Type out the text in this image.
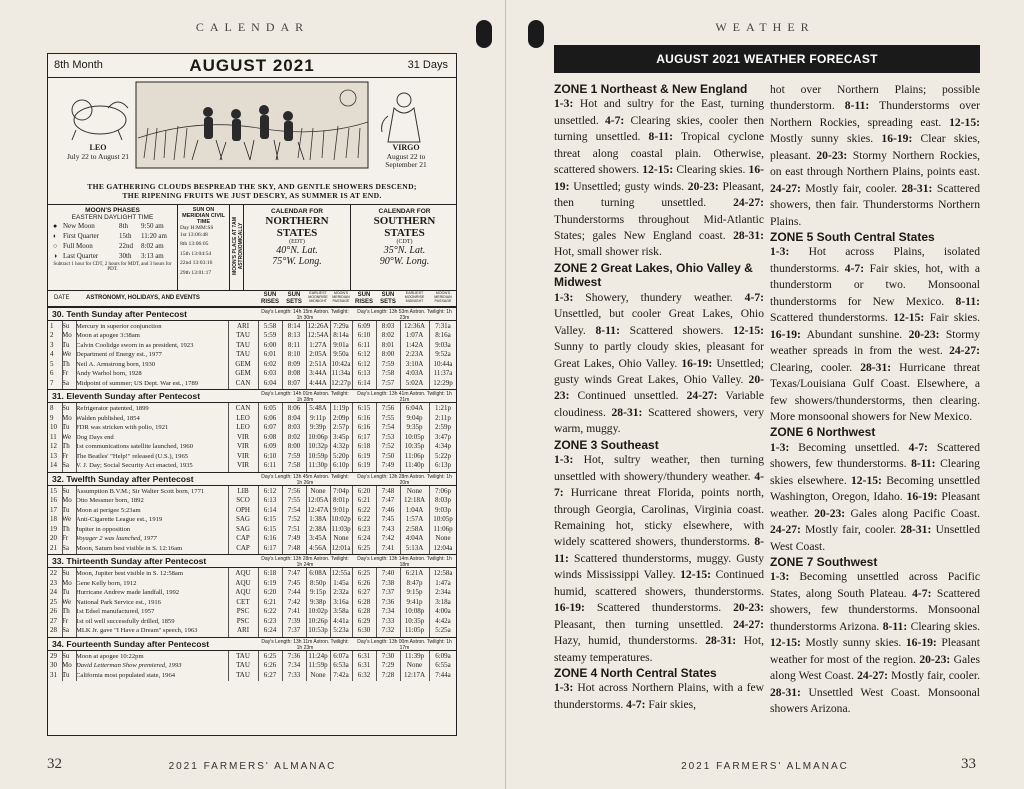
CALENDAR
8th Month	AUGUST 2021	31 Days
LEO
July 22 to August 21
VIRGO
August 22 to September 21
THE GATHERING CLOUDS BESPREAD THE SKY, AND GENTLE SHOWERS DESCEND;
THE RIPENING FRUITS WE JUST DESCRY, AS SUMMER IS AT END.
MOON'S PHASES
EASTERN DAYLIGHT TIME
● New Moon	8th 9:50 am
◐ First Quarter	15th 11:20 am
○ Full Moon	22nd 8:02 am
◑ Last Quarter	30th 3:13 am
Subtract 1 hour for CDT, 2 hours for MDT, and 3 hours for PDT.
SUN ON MERIDIAN CIVIL TIME
Day H:MM:SS
1st 13:06:48
8th 13:06:05
15th 13:04:54
22nd 13:03:16
29th 13:01:17	MOON'S PLACE AT 7AM ASTRONOMICALLY
CALENDAR FOR
NORTHERN
STATES
(EDT)
40°N. Lat.
75°W. Long.
CALENDAR FOR
SOUTHERN
STATES
(CDT)
35°N. Lat.
90°W. Long.
DATE	ASTRONOMY, HOLIDAYS, AND EVENTS	SUN RISES
SUN SETS
EARLIEST MOONRISE MIDNIGHT
MOON'S MERIDIAN PASSAGE
SUN RISES
SUN SETS
EARLIEST MOONRISE MIDNIGHT
MOON'S MERIDIAN PASSAGE
30. Tenth Sunday after Pentecost	Day's Length: 14h 15m Astron. Twilight: 1h 30m
Day's Length: 13h 53m Astron. Twilight: 1h 23m
1	Su Mercury in superior conjunction	ARI	5:58	8:14	12:26A 7:29a	6:09	8:03	12:36A	7:31a
2	Mo Moon at apogee 3:38am	TAU	5:59	8:13	12:54A 8:14a	6:10	8:02	1:07A	8:16a
3	Tu Calvin Coolidge sworn in as president, 1923	TAU	6:00	8:11	1:27A 9:01a	6:11	8:01	1:42A	9:03a
4	We Department of Energy est., 1977	TAU	6:01	8:10	2:05A 9:50a	6:12	8:00	2:23A	9:52a
5	Th Neil A. Armstrong born, 1930	GEM	6:02	8:09	2:51A 10:42a	6:12	7:59	3:10A	10:44a
6	Fr	Andy Warhol born, 1928	GEM	6:03	8:08	3:44A 11:34a	6:13	7:58	4:03A	11:37a
7	Sa	Midpoint of summer; US Dept. War est., 1789	CAN	6:04	8:07	4:44A 12:27p	6:14	7:57	5:02A	12:29p
31. Eleventh Sunday after Pentecost	Day's Length: 14h 01m Astron. Twilight: 1h 28m
Day's Length: 13h 41m Astron. Twilight: 1h 21m
8	Su Refrigerator patented, 1899	CAN	6:05	8:06	5:48A 1:19p	6:15	7:56	6:04A	1:21p
9	Mo Walden published, 1854	LEO	6:06	8:04	9:11p	2:09p	6:16	7:55	9:04p	2:11p
10 Tu FDR was stricken with polio, 1921	LEO	6:07	8:03	9:39p	2:57p	6:16	7:54	9:35p	2:59p
11 We Dog Days end	VIR	6:08	8:02	10:06p 3:45p	6:17	7:53	10:05p	3:47p
12 Th 1st communications satellite launched, 1960	VIR	6:09	8:00	10:32p 4:32p	6:18	7:52	10:35p	4:34p
13 Fr	The Beatles' "Help!" released (U.S.), 1965	VIR	6:10	7:59	10:59p 5:20p	6:19	7:50	11:06p	5:22p
14 Sa	V. J. Day; Social Security Act enacted, 1935	VIR	6:11	7:58	11:30p 6:10p	6:19	7:49	11:40p	6:13p
32. Twelfth Sunday after Pentecost	Day's Length: 13h 45m Astron. Twilight: 1h 26m
Day's Length: 13h 28m Astron. Twilight: 1h 20m
15 Su Assumption B.V.M.; Sir Walter Scott born, 1771	LIB	6:12	7:56	None	7:04p	6:20	7:48	None	7:06p
16 Mo Otto Messmer born, 1892	SCO	6:13	7:55	12:05A 8:01p	6:21	7:47	12:18A	8:03p
17 Tu Moon at perigee 5:23am	OPH	6:14	7:54	12:47A 9:01p	6:22	7:46	1:04A	9:03p
18 We Anti-Cigarette League est., 1919	SAG	6:15	7:52	1:38A 10:02p	6:22	7:45	1:57A	10:05p
19 Th Jupiter in opposition	SAG	6:15	7:51	2:38A 11:03p	6:23	7:43	2:58A	11:06p
20 Fr	Voyager 2 was launched, 1977	CAP	6:16	7:49	3:45A None	6:24	7:42	4:04A	None
21 Sa	Moon, Saturn best visible in S. 12:16am	CAP	6:17	7:48	4:56A 12:01a	6:25	7:41	5:13A	12:04a
33. Thirteenth Sunday after Pentecost	Day's Length: 13h 28m Astron. Twilight: 1h 24m
Day's Length: 13h 14m Astron. Twilight: 1h 18m
22 Su Moon, Jupiter best visible in S. 12:58am	AQU	6:18	7:47	6:08A 12:55a	6:25	7:40	6:21A	12:58a
23 Mo Gene Kelly born, 1912	AQU	6:19	7:45	8:50p	1:45a	6:26	7:38	8:47p	1:47a
24 Tu Hurricane Andrew made landfall, 1992	AQU	6:20	7:44	9:15p	2:32a	6:27	7:37	9:15p	2:34a
25 We National Park Service est., 1916	CET	6:21	7:42	9:38p	3:16a	6:28	7:36	9:41p	3:18a
26 Th 1st Edsel manufactured, 1957	PSC	6:22	7:41	10:02p 3:58a	6:28	7:34	10:08p	4:00a
27 Fr	1st oil well successfully drilled, 1859	PSC	6:23	7:39	10:26p 4:41a	6:29	7:33	10:35p	4:42a
28 Sa	MLK Jr. gave "I Have a Dream" speech, 1963	ARI	6:24	7:37	10:53p 5:23a	6:30	7:32	11:05p	5:25a
34. Fourteenth Sunday after Pentecost	Day's Length: 13h 11m Astron. Twilight: 1h 23m
Day's Length: 13h 00m Astron. Twilight: 1h 17m
29 Su Moon at apogee 10:22pm	TAU	6:25	7:36	11:24p 6:07a	6:31	7:30	11:39p	6:09a
30 Mo David Letterman Show premiered, 1993	TAU	6:26	7:34	11:59p 6:53a	6:31	7:29	None	6:55a
31 Tu California most populated state, 1964	TAU	6:27	7:33	None	7:42a	6:32	7:28	12:17A	7:44a
32	2021 FARMERS' ALMANAC
WEATHER
AUGUST 2021 WEATHER FORECAST
ZONE 1 Northeast & New England

1-3: Hot and sultry for the East, turning unsettled. 4-7: Clearing skies, cooler then turning unsettled. 8-11: Tropical cyclone threat along coastal plain. Otherwise, scattered showers. 12-15: Clearing skies. 16-19: Unsettled; gusty winds. 20-23: Pleasant, then turning unsettled. 24-27: Thunderstorms throughout Mid-Atlantic States; gales New England coast. 28-31: Hot, small shower risk.

ZONE 2 Great Lakes, Ohio Valley & Midwest

1-3: Showery, thundery weather. 4-7: Unsettled, but cooler Great Lakes, Ohio Valley. 8-11: Scattered showers. 12-15: Sunny to partly cloudy skies, pleasant for Great Lakes, Ohio Valley. 16-19: Unsettled; gusty winds Great Lakes, Ohio Valley. 20-23: Continued unsettled. 24-27: Variable cloudiness. 28-31: Scattered showers, very warm, muggy.

ZONE 3 Southeast

1-3: Hot, sultry weather, then turning unsettled with showery/thundery weather. 4-7: Hurricane threat Florida, points north, through Georgia, Carolinas, Virginia coast. Remaining hot, sticky elsewhere, with widely scattered showers, thunderstorms. 8-11: Scattered thunderstorms, muggy. Gusty winds Mississippi Valley. 12-15: Continued humid, scattered showers, thunderstorms. 16-19: Scattered thunderstorms. 20-23: Pleasant, then turning unsettled. 24-27: Hazy, humid, thunderstorms. 28-31: Hot, steamy temperatures.

ZONE 4 North Central States

1-3: Hot across Northern Plains, with a few thunderstorms. 4-7: Fair skies,

hot over Northern Plains; possible thunderstorm. 8-11: Thunderstorms over Northern Rockies, spreading east. 12-15: Mostly sunny skies. 16-19: Clear skies, pleasant. 20-23: Stormy Northern Rockies, on east through Northern Plains, points east. 24-27: Mostly fair, cooler. 28-31: Scattered showers, then fair. Thunderstorms Northern Plains.

ZONE 5 South Central States

1-3: Hot across Plains, isolated thunderstorms. 4-7: Fair skies, hot, with a thunderstorm or two. Monsoonal thunderstorms for New Mexico. 8-11: Scattered thunderstorms. 12-15: Fair skies. 16-19: Abundant sunshine. 20-23: Stormy weather spreads in from the west. 24-27: Clearing, cooler. 28-31: Hurricane threat Texas/Louisiana Gulf Coast. Elsewhere, a few showers/thunderstorms, then clearing. More monsoonal showers for New Mexico.

ZONE 6 Northwest

1-3: Becoming unsettled. 4-7: Scattered showers, few thunderstorms. 8-11: Clearing skies elsewhere. 12-15: Becoming unsettled Washington, Oregon, Idaho. 16-19: Pleasant weather. 20-23: Gales along Pacific Coast. 24-27: Mostly fair, cooler. 28-31: Unsettled West Coast.

ZONE 7 Southwest

1-3: Becoming unsettled across Pacific States, along South Plateau. 4-7: Scattered showers, few thunderstorms. Monsoonal thunderstorms Arizona. 8-11: Clearing skies. 12-15: Mostly sunny skies. 16-19: Pleasant weather for most of the region. 20-23: Gales along West Coast. 24-27: Mostly fair, cooler. 28-31: Unsettled West Coast. Monsoonal showers Arizona.

33
2021 FARMERS' ALMANAC
